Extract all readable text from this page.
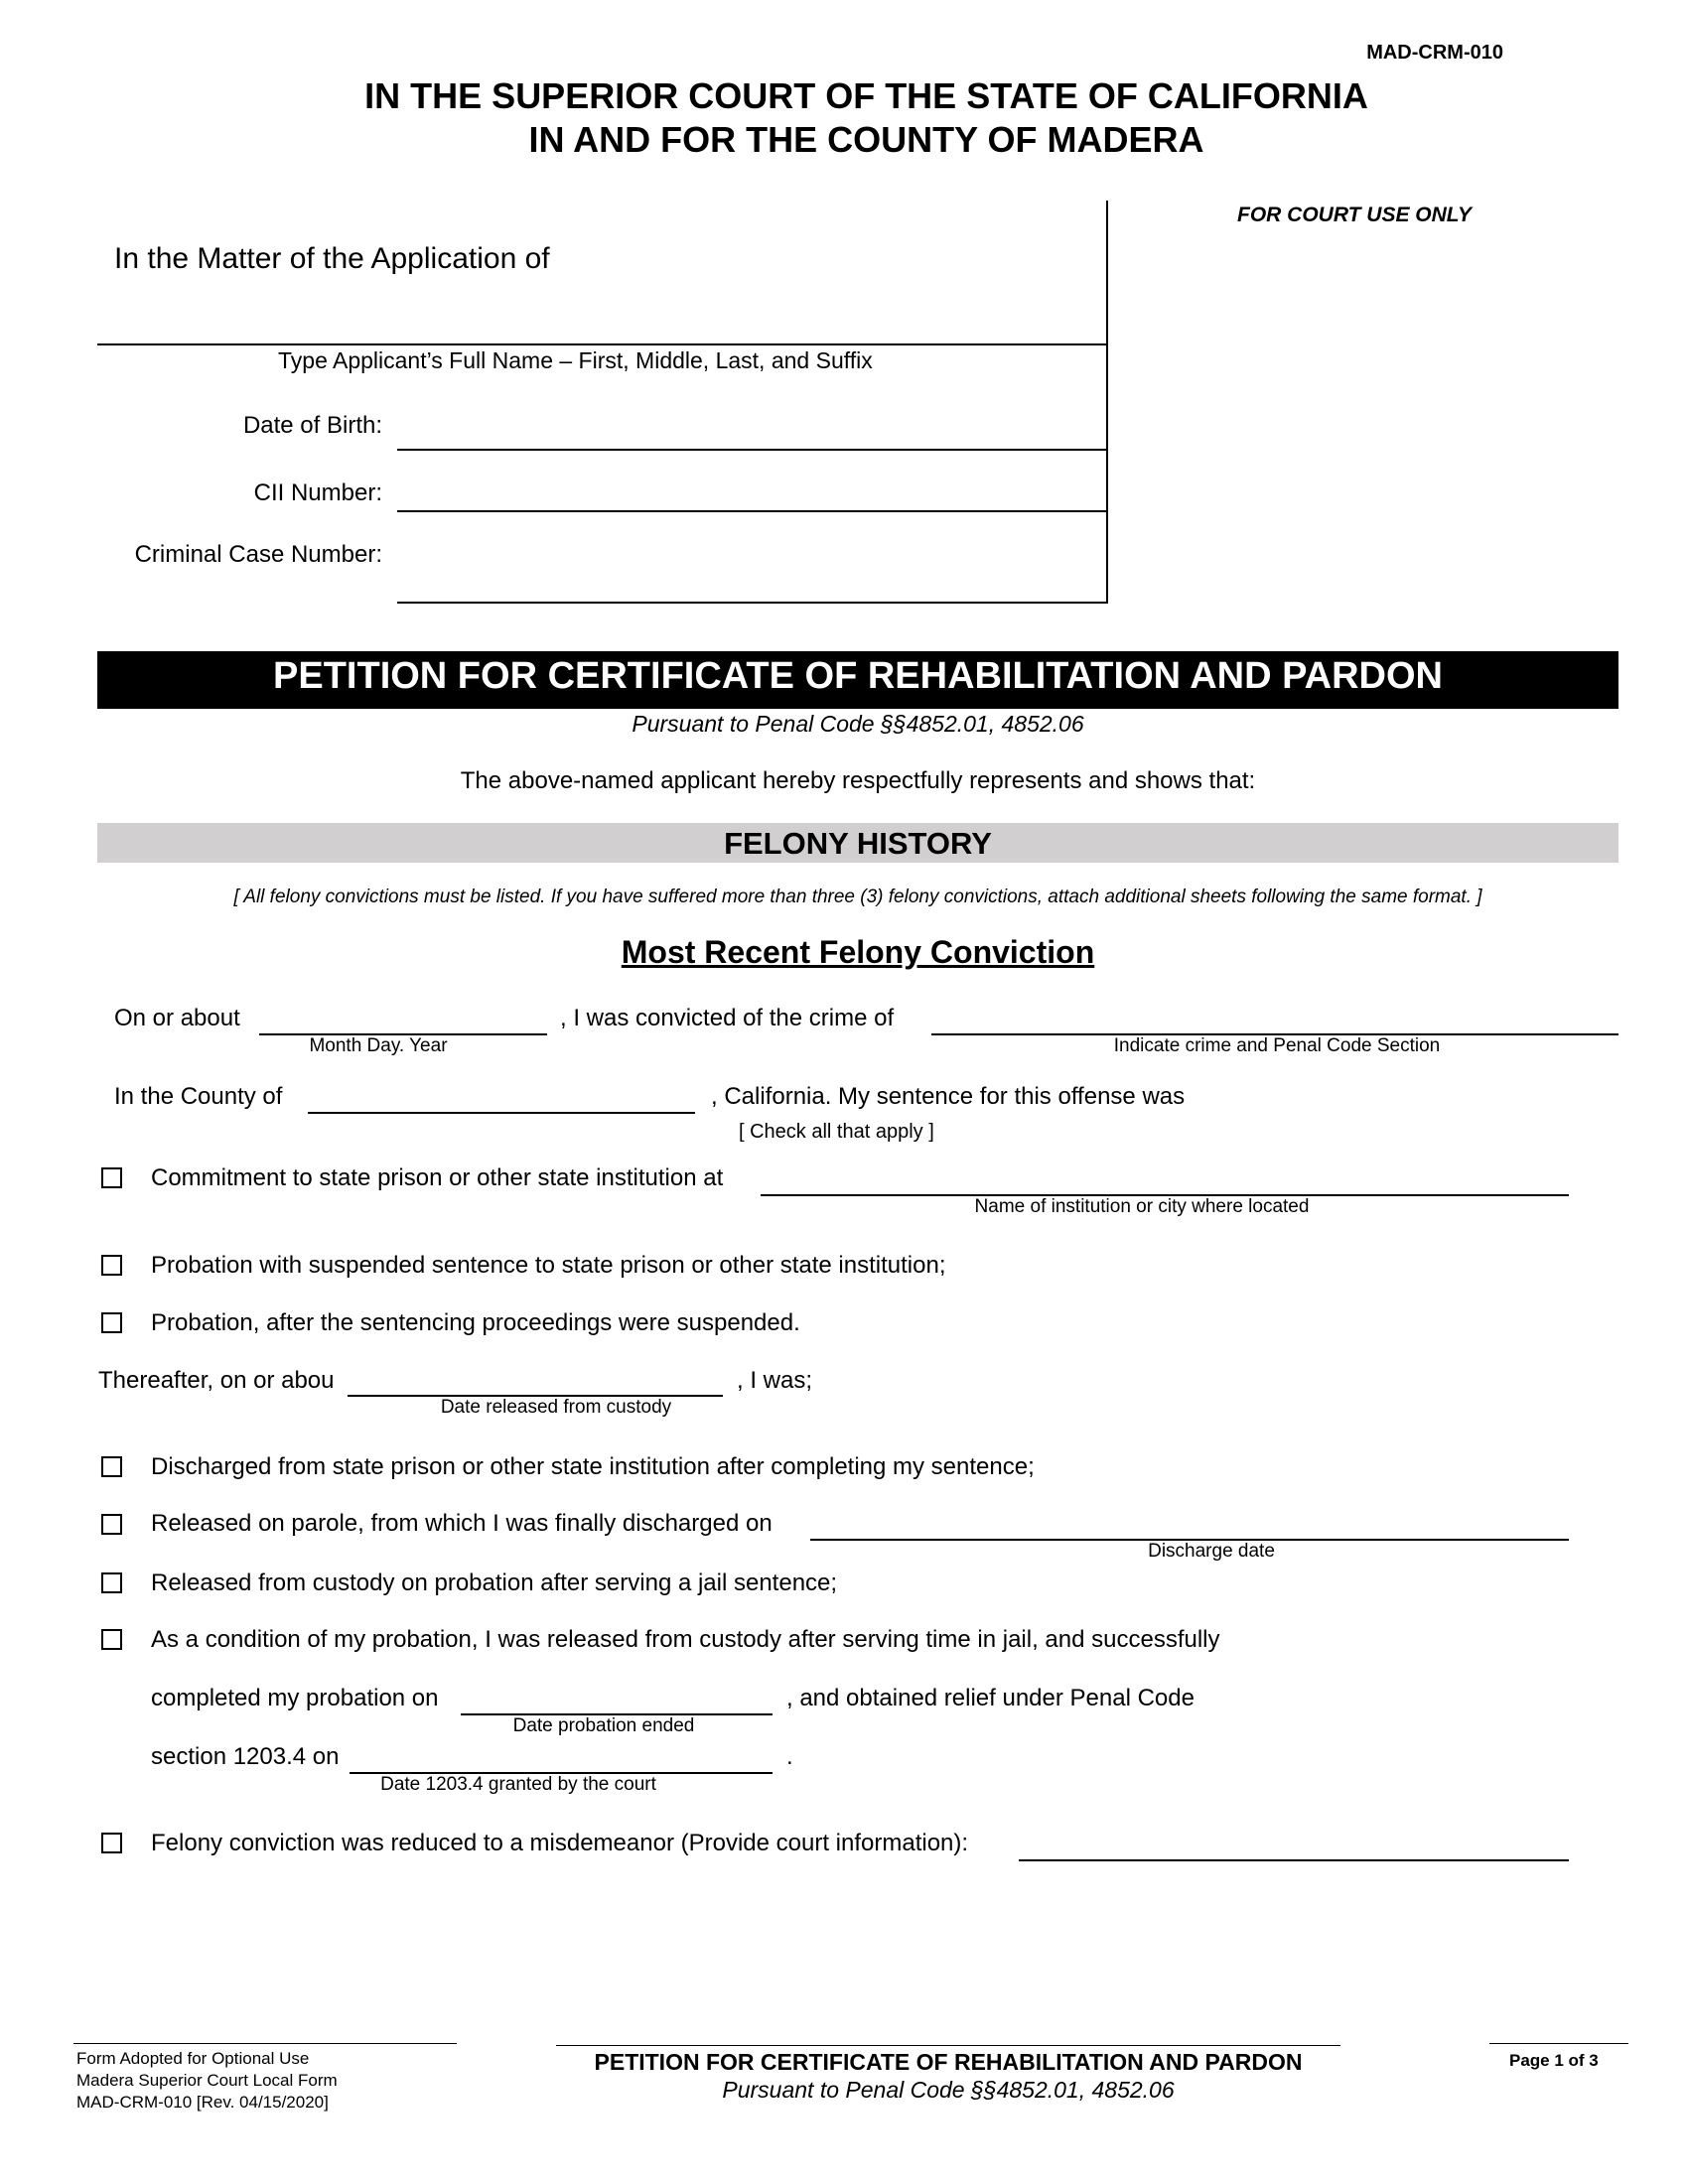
MAD-CRM-010
IN THE SUPERIOR COURT OF THE STATE OF CALIFORNIA
IN AND FOR THE COUNTY OF MADERA
FOR COURT USE ONLY
In the Matter of the Application of
Type Applicant’s Full Name – First, Middle, Last, and Suffix
Date of Birth:
CII Number:
Criminal Case Number:
PETITION FOR CERTIFICATE OF REHABILITATION AND PARDON
Pursuant to Penal Code §§4852.01, 4852.06
The above-named applicant hereby respectfully represents and shows that:
FELONY HISTORY
[ All felony convictions must be listed. If you have suffered more than three (3) felony convictions, attach additional sheets following the same format. ]
Most Recent Felony Conviction
On or about
Month Day. Year
, I was convicted of the crime of
Indicate crime and Penal Code Section
In the County of	, California. My sentence for this offense was
[ Check all that apply ]
Commitment to state prison or other state institution at
Name of institution or city where located
Probation with suspended sentence to state prison or other state institution;
Probation, after the sentencing proceedings were suspended.
Thereafter, on or abou
Date released from custody
, I was;
Discharged from state prison or other state institution after completing my sentence;
Released on parole, from which I was finally discharged on
Discharge date
Released from custody on probation after serving a jail sentence;
As a condition of my probation, I was released from custody after serving time in jail, and successfully
completed my probation on
Date probation ended
, and obtained relief under Penal Code
section 1203.4 on
Date 1203.4 granted by the court
.
Felony conviction was reduced to a misdemeanor (Provide court information):
Form Adopted for Optional Use
Madera Superior Court Local Form
MAD-CRM-010 [Rev. 04/15/2020]
PETITION FOR CERTIFICATE OF REHABILITATION AND PARDON
Pursuant to Penal Code §§4852.01, 4852.06
Page 1 of 3
